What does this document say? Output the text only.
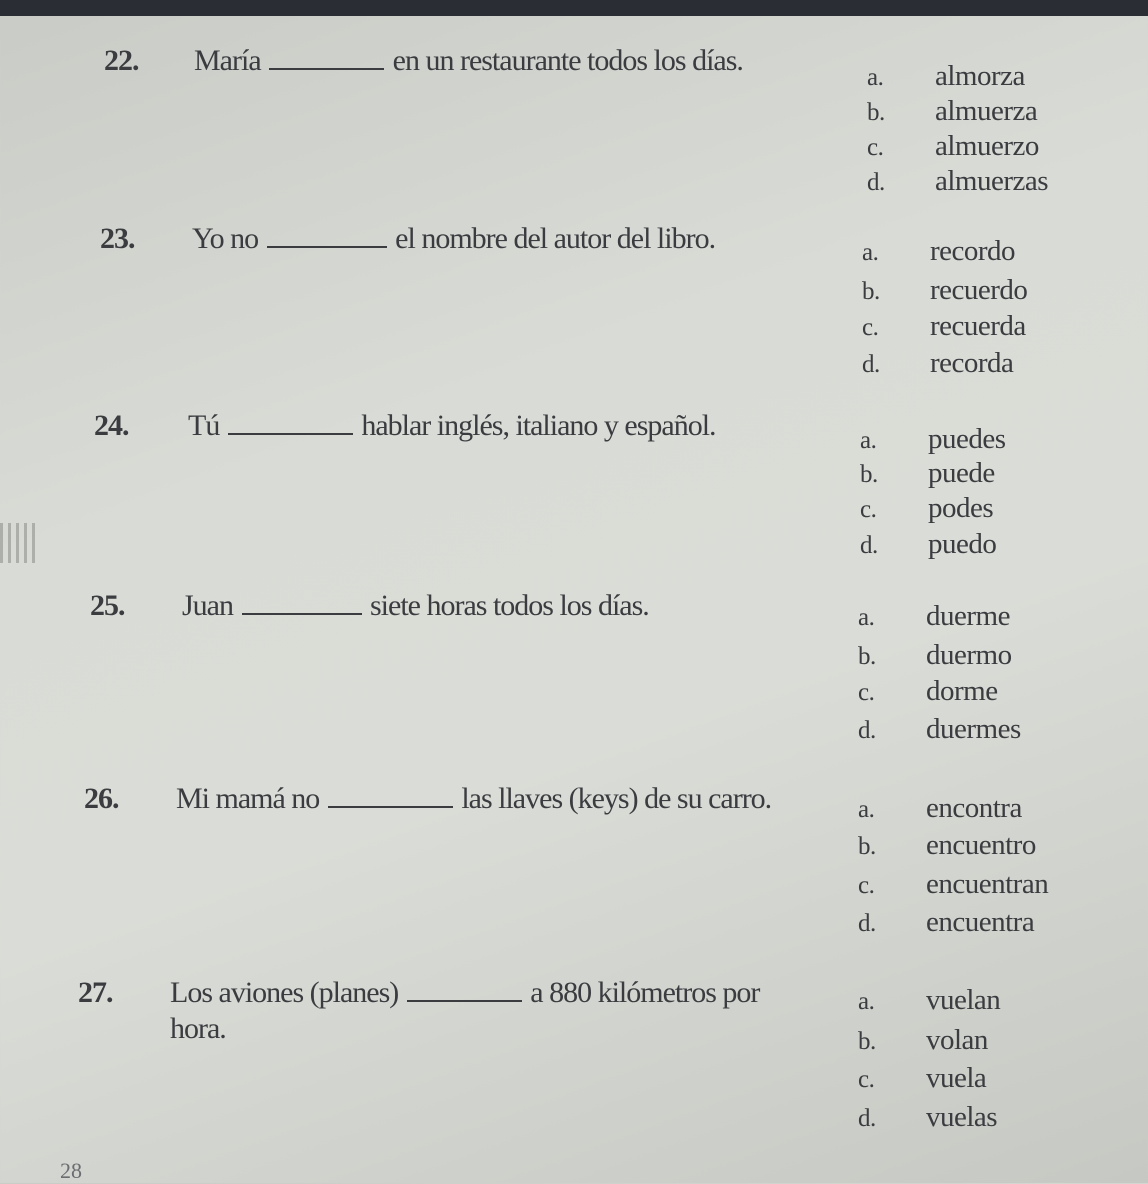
22. María	en un restaurante todos los días.
a. almorza
b. almuerza
c. almuerzo
d. almuerzas
23. Yo no	el nombre del autor del libro.	a. recordo
b. recuerdo
c. recuerda
d. recorda
24. Tú	hablar inglés, italiano y español.	a. puedes
b. puede
c. podes
d. puedo
25. Juan	siete horas todos los días.	a. duerme
b. duermo
c. dorme
d. duermes
26. Mi mamá no	las llaves (keys) de su carro.	a. encontra
b. encuentro
c. encuentran
d. encuentra
27. Los aviones (planes)	a 880 kilómetros por
hora.
a. vuelan
b. volan
c. vuela
d. vuelas
28
